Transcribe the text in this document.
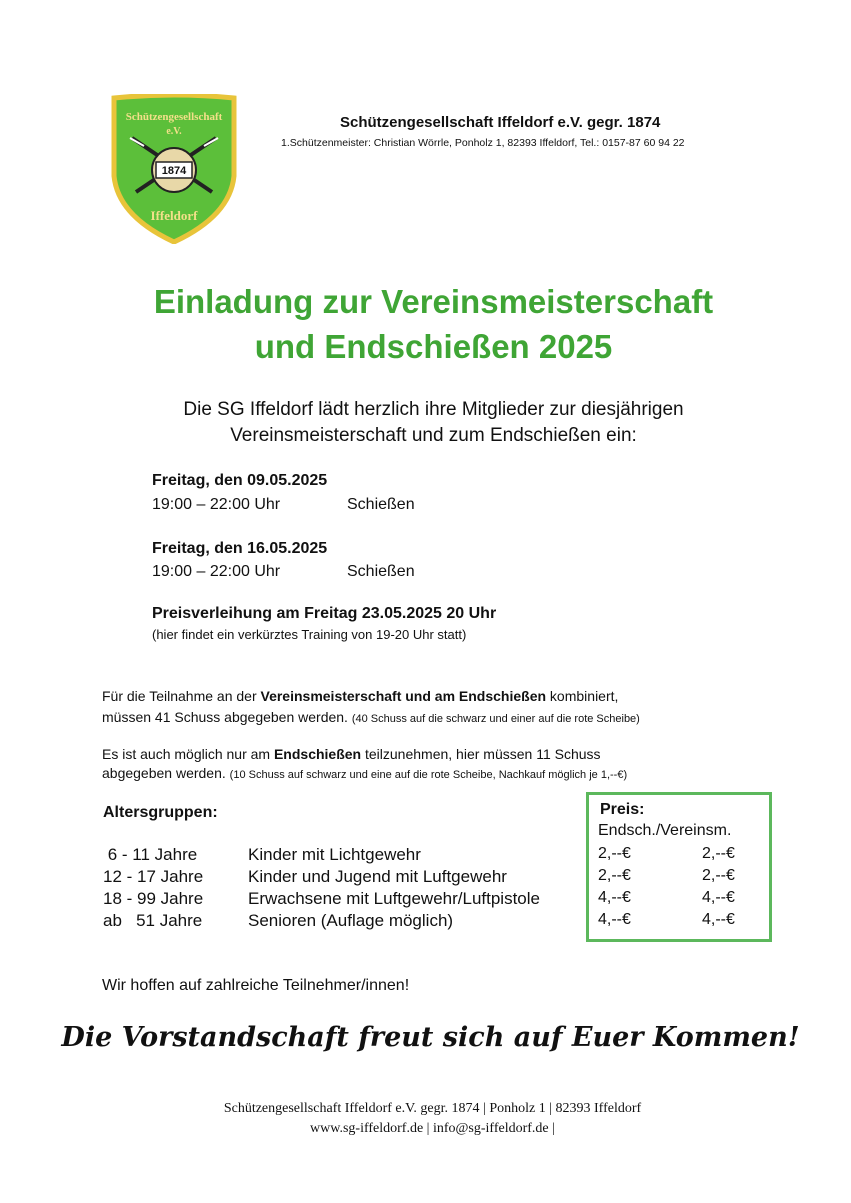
Schützengesellschaft
e.V.
1874
Iffeldorf
Schützengesellschaft Iffeldorf e.V. gegr. 1874
1.Schützenmeister: Christian Wörrle, Ponholz 1, 82393 Iffeldorf, Tel.: 0157-87 60 94 22
Einladung zur Vereinsmeisterschaft
und Endschießen 2025
Die SG Iffeldorf lädt herzlich ihre Mitglieder zur diesjährigen
Vereinsmeisterschaft und zum Endschießen ein:
Freitag, den 09.05.2025
19:00 – 22:00 Uhr	Schießen
Freitag, den 16.05.2025
19:00 – 22:00 Uhr	Schießen
Preisverleihung am Freitag 23.05.2025 20 Uhr
(hier findet ein verkürztes Training von 19-20 Uhr statt)
Für die Teilnahme an der Vereinsmeisterschaft und am Endschießen kombiniert,
müssen 41 Schuss abgegeben werden. (40 Schuss auf die schwarz und einer auf die rote Scheibe)
Es ist auch möglich nur am Endschießen teilzunehmen, hier müssen 11 Schuss
abgegeben werden. (10 Schuss auf schwarz und eine auf die rote Scheibe, Nachkauf möglich je 1,--€)
Altersgruppen:
6 - 11 Jahre	Kinder mit Lichtgewehr
12 - 17 Jahre	Kinder und Jugend mit Luftgewehr
18 - 99 Jahre	Erwachsene mit Luftgewehr/Luftpistole
ab   51 Jahre	Senioren (Auflage möglich)
Preis:
Endsch./Vereinsm.
2,--€	2,--€
2,--€	2,--€
4,--€	4,--€
4,--€	4,--€
Wir hoffen auf zahlreiche Teilnehmer/innen!
Die Vorstandschaft freut sich auf Euer Kommen!
Schützengesellschaft Iffeldorf e.V. gegr. 1874 | Ponholz 1 | 82393 Iffeldorf
www.sg-iffeldorf.de | info@sg-iffeldorf.de |
